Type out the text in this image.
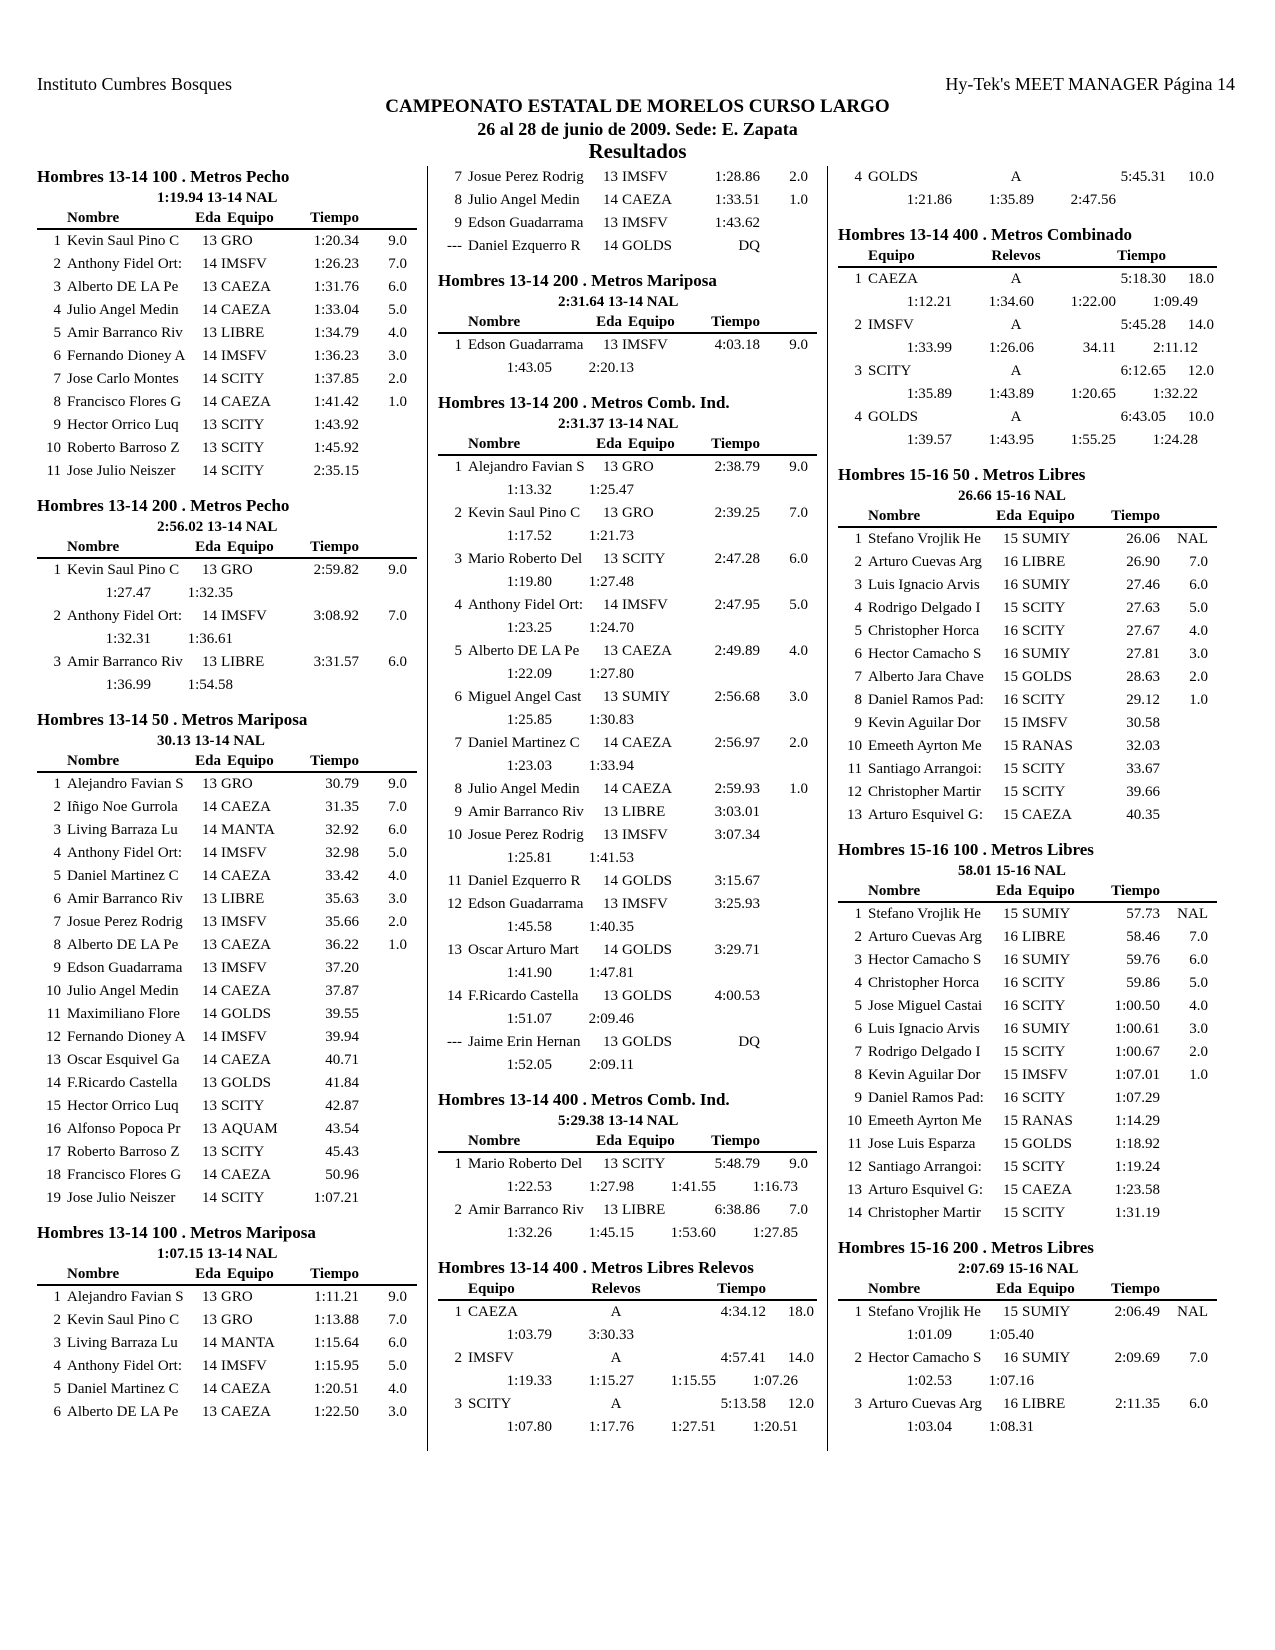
Instituto Cumbres Bosques	Hy-Tek's MEET MANAGER Página 14
CAMPEONATO ESTATAL DE MORELOS CURSO LARGO
26 al 28 de junio de 2009. Sede: E. Zapata
Resultados
Hombres 13-14 100 . Metros Pecho
1:19.94 13-14 NAL
Nombre	Eda Equipo	Tiempo
1 Kevin Saul Pino C	13 GRO	1:20.34	9.0
2 Anthony Fidel Ort:	14 IMSFV	1:26.23	7.0
3 Alberto DE LA Pe	13 CAEZA	1:31.76	6.0
4 Julio Angel Medin	14 CAEZA	1:33.04	5.0
5 Amir Barranco Riv	13 LIBRE	1:34.79	4.0
6 Fernando Dioney A	14 IMSFV	1:36.23	3.0
7 Jose Carlo Montes	14 SCITY	1:37.85	2.0
8 Francisco Flores G	14 CAEZA	1:41.42	1.0
9 Hector Orrico Luq	13 SCITY	1:43.92
10 Roberto Barroso Z	13 SCITY	1:45.92
11 Jose Julio Neiszer	14 SCITY	2:35.15
Hombres 13-14 200 . Metros Pecho
2:56.02 13-14 NAL
Nombre	Eda Equipo	Tiempo
1 Kevin Saul Pino C	13 GRO	2:59.82	9.0
1:27.47	1:32.35
2 Anthony Fidel Ort:	14 IMSFV	3:08.92	7.0
1:32.31	1:36.61
3 Amir Barranco Riv	13 LIBRE	3:31.57	6.0
1:36.99	1:54.58
Hombres 13-14 50 . Metros Mariposa
30.13 13-14 NAL
Nombre	Eda Equipo	Tiempo
1 Alejandro Favian S	13 GRO	30.79	9.0
2 Iñigo Noe Gurrola	14 CAEZA	31.35	7.0
3 Living Barraza Lu	14 MANTA	32.92	6.0
4 Anthony Fidel Ort:	14 IMSFV	32.98	5.0
5 Daniel Martinez C	14 CAEZA	33.42	4.0
6 Amir Barranco Riv	13 LIBRE	35.63	3.0
7 Josue Perez Rodrig	13 IMSFV	35.66	2.0
8 Alberto DE LA Pe	13 CAEZA	36.22	1.0
9 Edson Guadarrama	13 IMSFV	37.20
10 Julio Angel Medin	14 CAEZA	37.87
11 Maximiliano Flore	14 GOLDS	39.55
12 Fernando Dioney A	14 IMSFV	39.94
13 Oscar Esquivel Ga	14 CAEZA	40.71
14 F.Ricardo Castella	13 GOLDS	41.84
15 Hector Orrico Luq	13 SCITY	42.87
16 Alfonso Popoca Pr	13 AQUAM	43.54
17 Roberto Barroso Z	13 SCITY	45.43
18 Francisco Flores G	14 CAEZA	50.96
19 Jose Julio Neiszer	14 SCITY	1:07.21
Hombres 13-14 100 . Metros Mariposa
1:07.15 13-14 NAL
Nombre	Eda Equipo	Tiempo
1 Alejandro Favian S	13 GRO	1:11.21	9.0
2 Kevin Saul Pino C	13 GRO	1:13.88	7.0
3 Living Barraza Lu	14 MANTA	1:15.64	6.0
4 Anthony Fidel Ort:	14 IMSFV	1:15.95	5.0
5 Daniel Martinez C	14 CAEZA	1:20.51	4.0
6 Alberto DE LA Pe	13 CAEZA	1:22.50	3.0
7 Josue Perez Rodrig	13 IMSFV	1:28.86	2.0
8 Julio Angel Medin	14 CAEZA	1:33.51	1.0
9 Edson Guadarrama	13 IMSFV	1:43.62
--- Daniel Ezquerro R	14 GOLDS	DQ
Hombres 13-14 200 . Metros Mariposa
2:31.64 13-14 NAL
Nombre	Eda Equipo	Tiempo
1 Edson Guadarrama	13 IMSFV	4:03.18	9.0
1:43.05	2:20.13
Hombres 13-14 200 . Metros Comb. Ind.
2:31.37 13-14 NAL
Nombre	Eda Equipo	Tiempo
1 Alejandro Favian S	13 GRO	2:38.79	9.0
1:13.32	1:25.47
2 Kevin Saul Pino C	13 GRO	2:39.25	7.0
1:17.52	1:21.73
3 Mario Roberto Del	13 SCITY	2:47.28	6.0
1:19.80	1:27.48
4 Anthony Fidel Ort:	14 IMSFV	2:47.95	5.0
1:23.25	1:24.70
5 Alberto DE LA Pe	13 CAEZA	2:49.89	4.0
1:22.09	1:27.80
6 Miguel Angel Cast	13 SUMIY	2:56.68	3.0
1:25.85	1:30.83
7 Daniel Martinez C	14 CAEZA	2:56.97	2.0
1:23.03	1:33.94
8 Julio Angel Medin	14 CAEZA	2:59.93	1.0
9 Amir Barranco Riv	13 LIBRE	3:03.01
10 Josue Perez Rodrig	13 IMSFV	3:07.34
1:25.81	1:41.53
11 Daniel Ezquerro R	14 GOLDS	3:15.67
12 Edson Guadarrama	13 IMSFV	3:25.93
1:45.58	1:40.35
13 Oscar Arturo Mart	14 GOLDS	3:29.71
1:41.90	1:47.81
14 F.Ricardo Castella	13 GOLDS	4:00.53
1:51.07	2:09.46
--- Jaime Erin Hernan	13 GOLDS	DQ
1:52.05	2:09.11
Hombres 13-14 400 . Metros Comb. Ind.
5:29.38 13-14 NAL
Nombre	Eda Equipo	Tiempo
1 Mario Roberto Del	13 SCITY	5:48.79	9.0
1:22.53	1:27.98	1:41.55	1:16.73
2 Amir Barranco Riv	13 LIBRE	6:38.86	7.0
1:32.26	1:45.15	1:53.60	1:27.85
Hombres 13-14 400 . Metros Libres Relevos
Equipo	Relevos	Tiempo
1 CAEZA	A	4:34.12	18.0
1:03.79	3:30.33
2 IMSFV	A	4:57.41	14.0
1:19.33	1:15.27	1:15.55	1:07.26
3 SCITY	A	5:13.58	12.0
1:07.80	1:17.76	1:27.51	1:20.51
4 GOLDS	A	5:45.31	10.0
1:21.86	1:35.89	2:47.56
Hombres 13-14 400 . Metros Combinado
Equipo	Relevos	Tiempo
1 CAEZA	A	5:18.30	18.0
1:12.21	1:34.60	1:22.00	1:09.49
2 IMSFV	A	5:45.28	14.0
1:33.99	1:26.06	34.11	2:11.12
3 SCITY	A	6:12.65	12.0
1:35.89	1:43.89	1:20.65	1:32.22
4 GOLDS	A	6:43.05	10.0
1:39.57	1:43.95	1:55.25	1:24.28
Hombres 15-16 50 . Metros Libres
26.66 15-16 NAL
Nombre	Eda Equipo	Tiempo
1 Stefano Vrojlik He	15 SUMIY	26.06	NAL
2 Arturo Cuevas Arg	16 LIBRE	26.90	7.0
3 Luis Ignacio Arvis	16 SUMIY	27.46	6.0
4 Rodrigo Delgado I	15 SCITY	27.63	5.0
5 Christopher Horca	16 SCITY	27.67	4.0
6 Hector Camacho S	16 SUMIY	27.81	3.0
7 Alberto Jara Chave	15 GOLDS	28.63	2.0
8 Daniel Ramos Pad:	16 SCITY	29.12	1.0
9 Kevin Aguilar Dor	15 IMSFV	30.58
10 Emeeth Ayrton Me	15 RANAS	32.03
11 Santiago Arrangoi:	15 SCITY	33.67
12 Christopher Martir	15 SCITY	39.66
13 Arturo Esquivel G:	15 CAEZA	40.35
Hombres 15-16 100 . Metros Libres
58.01 15-16 NAL
Nombre	Eda Equipo	Tiempo
1 Stefano Vrojlik He	15 SUMIY	57.73	NAL
2 Arturo Cuevas Arg	16 LIBRE	58.46	7.0
3 Hector Camacho S	16 SUMIY	59.76	6.0
4 Christopher Horca	16 SCITY	59.86	5.0
5 Jose Miguel Castai	16 SCITY	1:00.50	4.0
6 Luis Ignacio Arvis	16 SUMIY	1:00.61	3.0
7 Rodrigo Delgado I	15 SCITY	1:00.67	2.0
8 Kevin Aguilar Dor	15 IMSFV	1:07.01	1.0
9 Daniel Ramos Pad:	16 SCITY	1:07.29
10 Emeeth Ayrton Me	15 RANAS	1:14.29
11 Jose Luis Esparza	15 GOLDS	1:18.92
12 Santiago Arrangoi:	15 SCITY	1:19.24
13 Arturo Esquivel G:	15 CAEZA	1:23.58
14 Christopher Martir	15 SCITY	1:31.19
Hombres 15-16 200 . Metros Libres
2:07.69 15-16 NAL
Nombre	Eda Equipo	Tiempo
1 Stefano Vrojlik He	15 SUMIY	2:06.49	NAL
1:01.09	1:05.40
2 Hector Camacho S	16 SUMIY	2:09.69	7.0
1:02.53	1:07.16
3 Arturo Cuevas Arg	16 LIBRE	2:11.35	6.0
1:03.04	1:08.31
